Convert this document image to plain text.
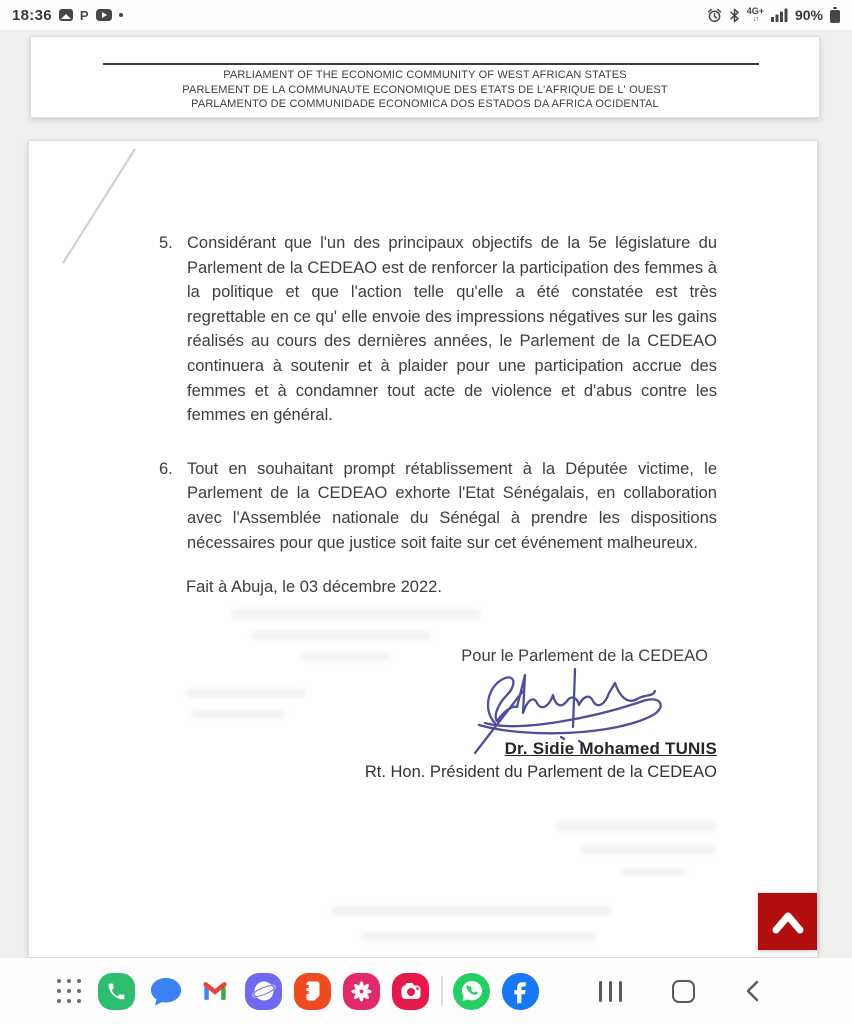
18:36 P	4G+
↓↑	90%
PARLIAMENT OF THE ECONOMIC COMMUNITY OF WEST AFRICAN STATES
PARLEMENT DE LA COMMUNAUTE ECONOMIQUE DES ETATS DE L'AFRIQUE DE L' OUEST
PARLAMENTO DE COMMUNIDADE ECONOMICA DOS ESTADOS DA AFRICA OCIDENTAL
5. Considérant que l'un des principaux objectifs de la 5e législature du Parlement de la CEDEAO est de renforcer la participation des femmes à la politique et que l'action telle qu'elle a été constatée est très regrettable en ce qu' elle envoie des impressions négatives sur les gains réalisés au cours des dernières années, le Parlement de la CEDEAO continuera à soutenir et à plaider pour une participation accrue des femmes et à condamner tout acte de violence et d'abus contre les femmes en général.
6. Tout en souhaitant prompt rétablissement à la Députée victime, le Parlement de la CEDEAO exhorte l'Etat Sénégalais, en collaboration avec l'Assemblée nationale du Sénégal à prendre les dispositions nécessaires pour que justice soit faite sur cet événement malheureux.
Fait à Abuja, le 03 décembre 2022.
Pour le Parlement de la CEDEAO
Dr. Sidie Mohamed TUNIS
Rt. Hon. Président du Parlement de la CEDEAO
